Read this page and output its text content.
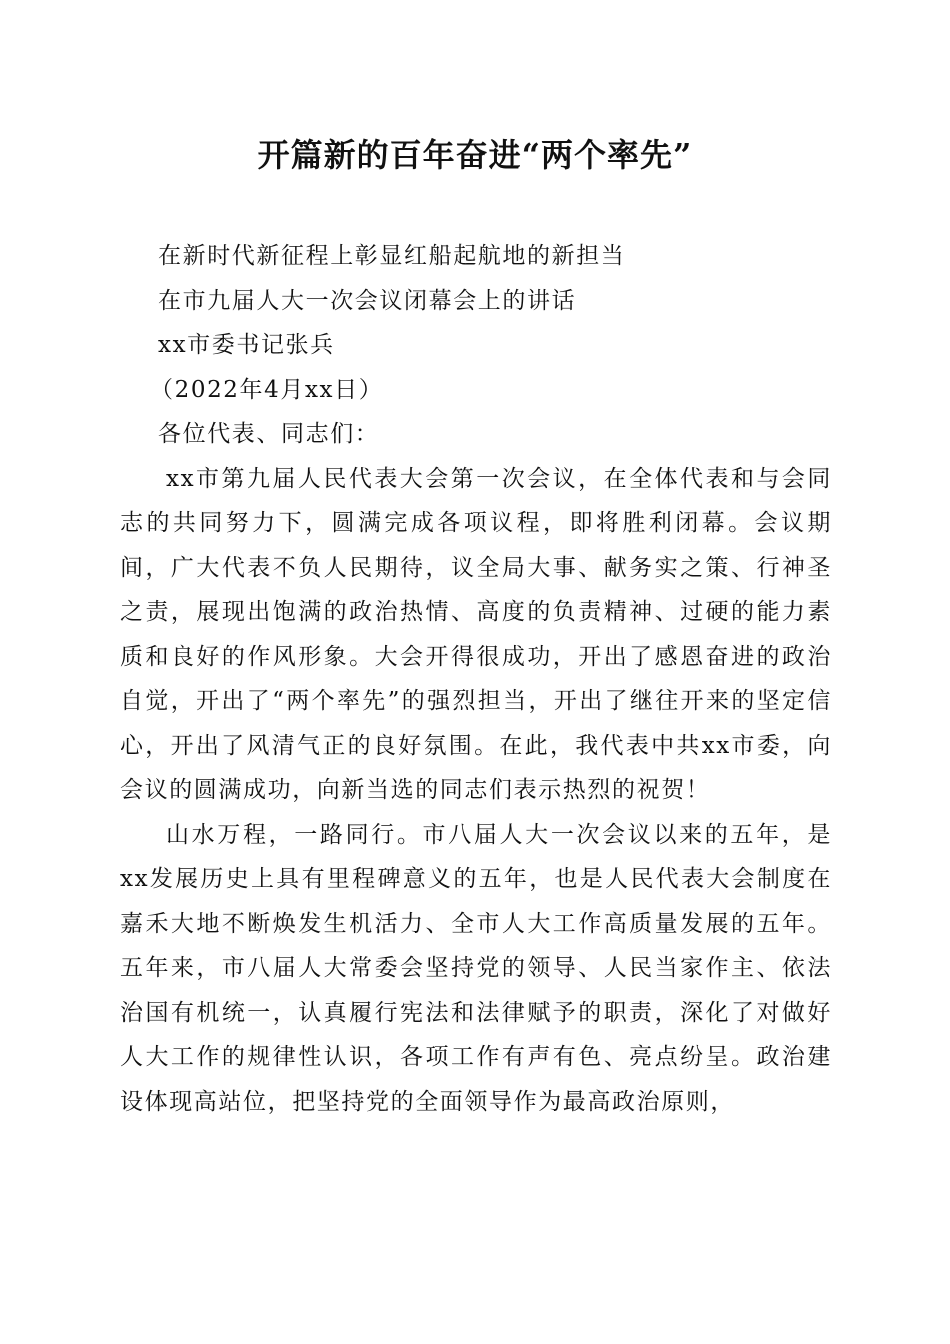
开篇新的百年奋进“两个率先”

在新时代新征程上彰显红船起航地的新担当

在市九届人大一次会议闭幕会上的讲话

xx市委书记张兵

（2022年4月xx日）

各位代表、同志们：

xx市第九届人民代表大会第一次会议，在全体代表和与会同志的共同努力下，圆满完成各项议程，即将胜利闭幕。会议期间，广大代表不负人民期待，议全局大事、献务实之策、行神圣之责，展现出饱满的政治热情、高度的负责精神、过硬的能力素质和良好的作风形象。大会开得很成功，开出了感恩奋进的政治自觉，开出了“两个率先”的强烈担当，开出了继往开来的坚定信心，开出了风清气正的良好氛围。在此，我代表中共xx市委，向会议的圆满成功，向新当选的同志们表示热烈的祝贺！

山水万程，一路同行。市八届人大一次会议以来的五年，是xx发展历史上具有里程碑意义的五年，也是人民代表大会制度在嘉禾大地不断焕发生机活力、全市人大工作高质量发展的五年。五年来，市八届人大常委会坚持党的领导、人民当家作主、依法治国有机统一，认真履行宪法和法律赋予的职责，深化了对做好人大工作的规律性认识，各项工作有声有色、亮点纷呈。政治建设体现高站位，把坚持党的全面领导作为最高政治原则，
